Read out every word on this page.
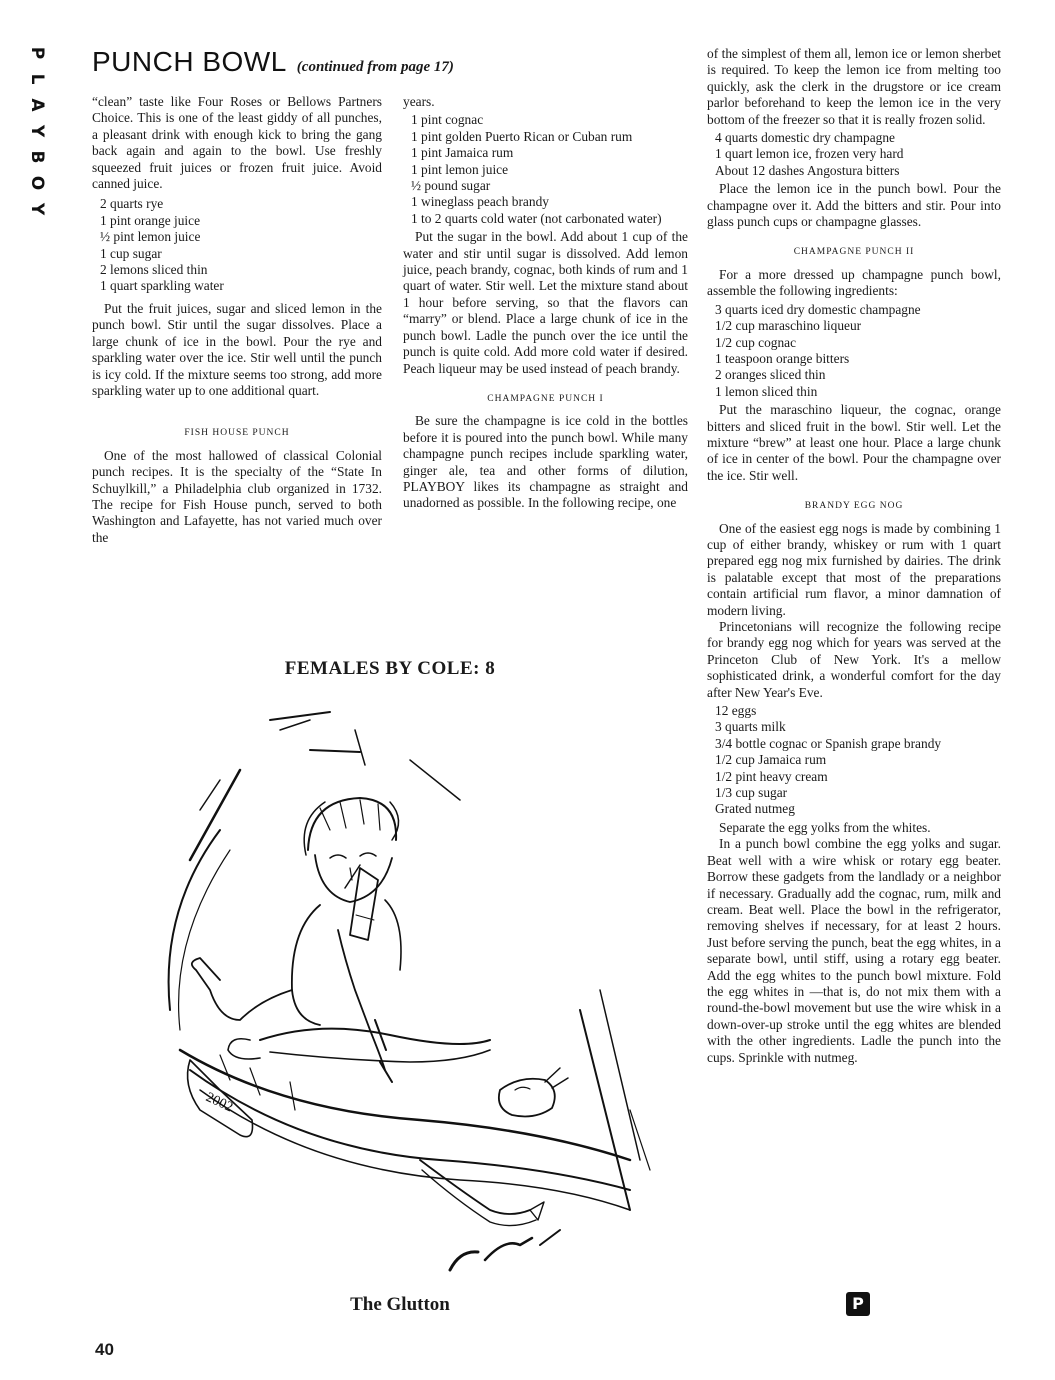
P
L
A
Y
B
O
Y
PUNCH BOWL (continued from page 17)

“clean” taste like Four Roses or Bellows Partners Choice. This is one of the least giddy of all punches, a pleasant drink with enough kick to bring the gang back again and again to the bowl. Use freshly squeezed fruit juices or frozen fruit juice. Avoid canned juice.

2 quarts rye
1 pint orange juice
½ pint lemon juice
1 cup sugar
2 lemons sliced thin
1 quart sparkling water

Put the fruit juices, sugar and sliced lemon in the punch bowl. Stir until the sugar dissolves. Place a large chunk of ice in the bowl. Pour the rye and sparkling water over the ice. Stir well until the punch is icy cold. If the mixture seems too strong, add more sparkling water up to one additional quart.

FISH HOUSE PUNCH

One of the most hallowed of classical Colonial punch recipes. It is the specialty of the “State In Schuylkill,” a Philadelphia club organized in 1732. The recipe for Fish House punch, served to both Washington and Lafayette, has not varied much over the

years.

1 pint cognac
1 pint golden Puerto Rican or Cuban rum
1 pint Jamaica rum
1 pint lemon juice
½ pound sugar
1 wineglass peach brandy
1 to 2 quarts cold water (not carbonated water)

Put the sugar in the bowl. Add about 1 cup of the water and stir until sugar is dissolved. Add lemon juice, peach brandy, cognac, both kinds of rum and 1 quart of water. Stir well. Let the mixture stand about 1 hour before serving, so that the flavors can “marry” or blend. Place a large chunk of ice in the punch bowl. Ladle the punch over the ice until the punch is quite cold. Add more cold water if desired. Peach liqueur may be used instead of peach brandy.

CHAMPAGNE PUNCH I

Be sure the champagne is ice cold in the bottles before it is poured into the punch bowl. While many champagne punch recipes include sparkling water, ginger ale, tea and other forms of dilution, PLAYBOY likes its champagne as straight and unadorned as possible. In the following recipe, one

of the simplest of them all, lemon ice or lemon sherbet is required. To keep the lemon ice from melting too quickly, ask the clerk in the drugstore or ice cream parlor beforehand to keep the lemon ice in the very bottom of the freezer so that it is really frozen solid.

4 quarts domestic dry champagne
1 quart lemon ice, frozen very hard
About 12 dashes Angostura bitters

Place the lemon ice in the punch bowl. Pour the champagne over it. Add the bitters and stir. Pour into glass punch cups or champagne glasses.

CHAMPAGNE PUNCH II

For a more dressed up champagne punch bowl, assemble the following ingredients:

3 quarts iced dry domestic champagne
1/2 cup maraschino liqueur
1/2 cup cognac
1 teaspoon orange bitters
2 oranges sliced thin
1 lemon sliced thin

Put the maraschino liqueur, the cognac, orange bitters and sliced fruit in the bowl. Stir well. Let the mixture “brew” at least one hour. Place a large chunk of ice in center of the bowl. Pour the champagne over the ice. Stir well.

BRANDY EGG NOG

One of the easiest egg nogs is made by combining 1 cup of either brandy, whiskey or rum with 1 quart prepared egg nog mix furnished by dairies. The drink is palatable except that most of the preparations contain artificial rum flavor, a minor damnation of modern living.

Princetonians will recognize the following recipe for brandy egg nog which for years was served at the Princeton Club of New York. It's a mellow sophisticated drink, a wonderful comfort for the day after New Year's Eve.

12 eggs
3 quarts milk
3/4 bottle cognac or Spanish grape brandy
1/2 cup Jamaica rum
1/2 pint heavy cream
1/3 cup sugar
Grated nutmeg

Separate the egg yolks from the whites.

In a punch bowl combine the egg yolks and sugar. Beat well with a wire whisk or rotary egg beater. Borrow these gadgets from the landlady or a neighbor if necessary. Gradually add the cognac, rum, milk and cream. Beat well. Place the bowl in the refrigerator, removing shelves if necessary, for at least 2 hours. Just before serving the punch, beat the egg whites, in a separate bowl, until stiff, using a rotary egg beater. Add the egg whites to the punch bowl mixture. Fold the egg whites in —that is, do not mix them with a round-the-bowl movement but use the wire whisk in a down-over-up stroke until the egg whites are blended with the other ingredients. Ladle the punch into the cups. Sprinkle with nutmeg.

FEMALES BY COLE: 8
2002
The Glutton
40
P
